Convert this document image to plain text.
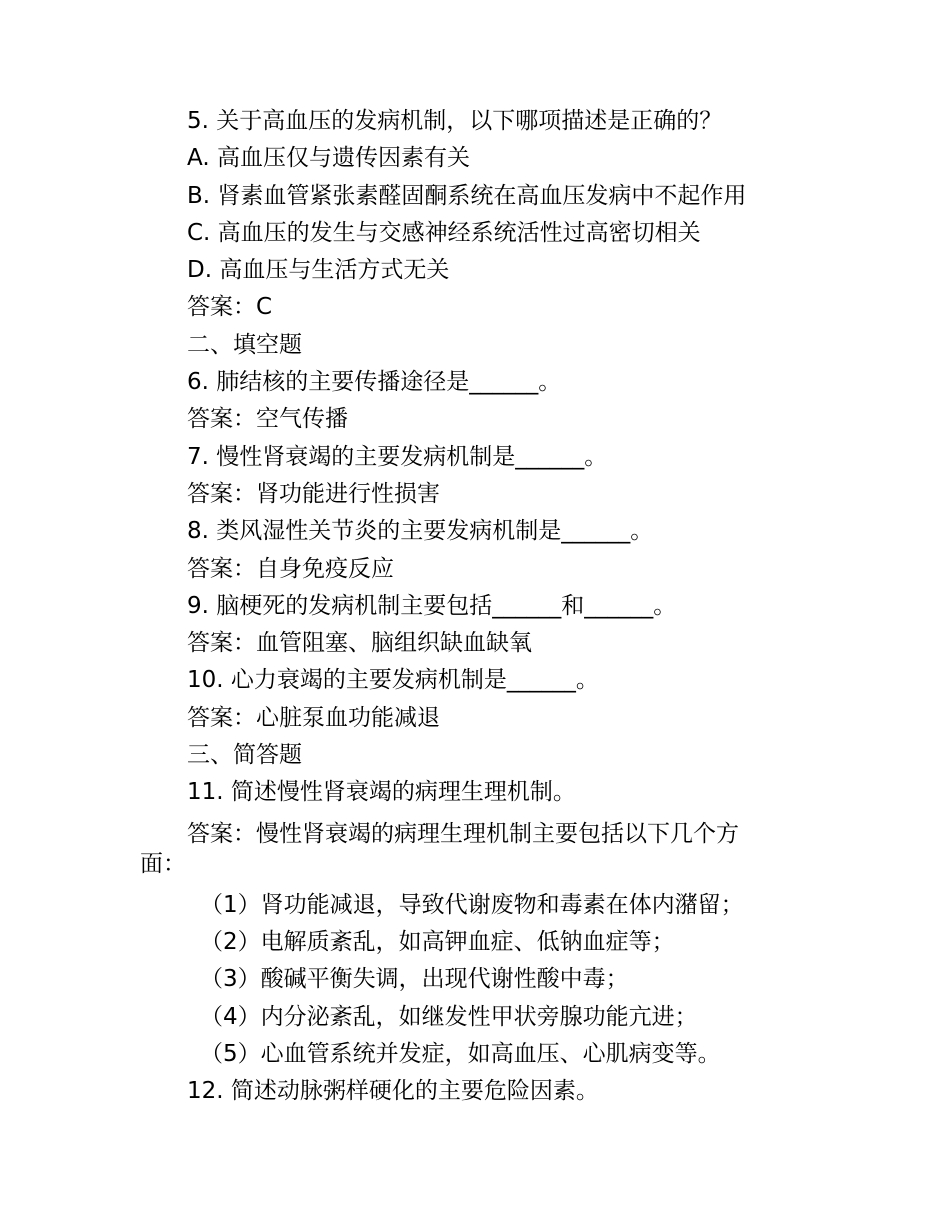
5. 关于高血压的发病机制，以下哪项描述是正确的？
A. 高血压仅与遗传因素有关
B. 肾素血管紧张素醛固酮系统在高血压发病中不起作用
C. 高血压的发生与交感神经系统活性过高密切相关
D. 高血压与生活方式无关
答案：C
二、填空题
6. 肺结核的主要传播途径是______。
答案：空气传播
7. 慢性肾衰竭的主要发病机制是______。
答案：肾功能进行性损害
8. 类风湿性关节炎的主要发病机制是______。
答案：自身免疫反应
9. 脑梗死的发病机制主要包括______和______。
答案：血管阻塞、脑组织缺血缺氧
10. 心力衰竭的主要发病机制是______。
答案：心脏泵血功能减退
三、简答题
11. 简述慢性肾衰竭的病理生理机制。
答案：慢性肾衰竭的病理生理机制主要包括以下几个方
面：
（1）肾功能减退，导致代谢废物和毒素在体内潴留；
（2）电解质紊乱，如高钾血症、低钠血症等；
（3）酸碱平衡失调，出现代谢性酸中毒；
（4）内分泌紊乱，如继发性甲状旁腺功能亢进；
（5）心血管系统并发症，如高血压、心肌病变等。
12. 简述动脉粥样硬化的主要危险因素。
